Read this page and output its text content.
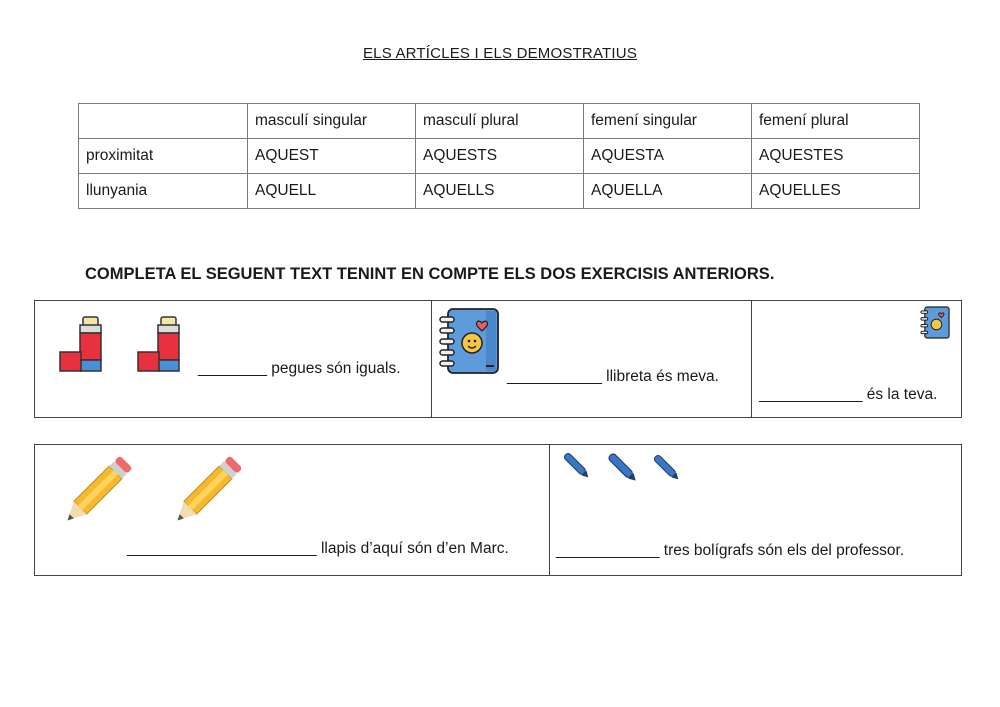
ELS ARTÍCLES I ELS DEMOSTRATIUS
	masculí singular	masculí plural	femení singular	femení plural
proximitat	AQUEST	AQUESTS	AQUESTA	AQUESTES
llunyania	AQUELL	AQUELLS	AQUELLA	AQUELLES
COMPLETA EL SEGUENT TEXT TENINT EN COMPTE ELS DOS EXERCISIS ANTERIORS.
________ pegues són iguals.	___________ llibreta és meva.
____________ és la teva.
______________________ llapis d’aquí són d’en Marc.	____________ tres bolígrafs són els del professor.
